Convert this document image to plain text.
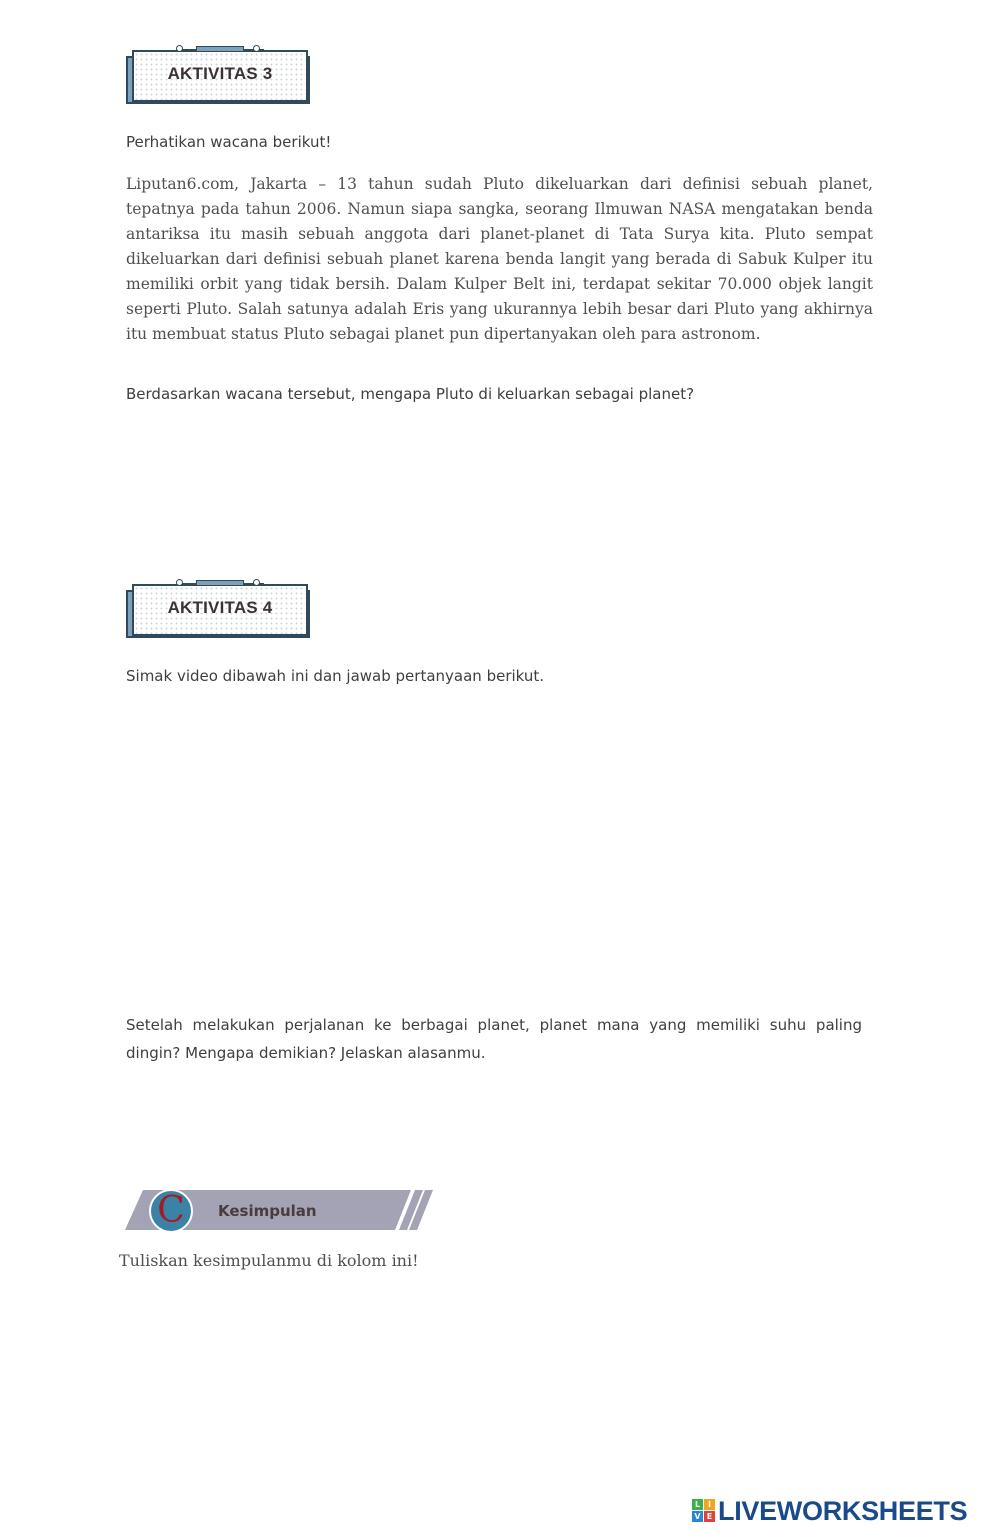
AKTIVITAS 3
Perhatikan wacana berikut!

Liputan6.com, Jakarta – 13 tahun sudah Pluto dikeluarkan dari definisi sebuah planet, tepatnya pada tahun 2006. Namun siapa sangka, seorang Ilmuwan NASA mengatakan benda antariksa itu masih sebuah anggota dari planet-planet di Tata Surya kita. Pluto sempat dikeluarkan dari definisi sebuah planet karena benda langit yang berada di Sabuk Kulper itu memiliki orbit yang tidak bersih. Dalam Kulper Belt ini, terdapat sekitar 70.000 objek langit seperti Pluto. Salah satunya adalah Eris yang ukurannya lebih besar dari Pluto yang akhirnya itu membuat status Pluto sebagai planet pun dipertanyakan oleh para astronom.

Berdasarkan wacana tersebut, mengapa Pluto di keluarkan sebagai planet?
AKTIVITAS 4
Simak video dibawah ini dan jawab pertanyaan berikut.

Setelah melakukan perjalanan ke berbagai planet, planet mana yang memiliki suhu paling dingin? Mengapa demikian? Jelaskan alasanmu.

C	Kesimpulan
Tuliskan kesimpulanmu di kolom ini!
L I
V E LIVEWORKSHEETS
